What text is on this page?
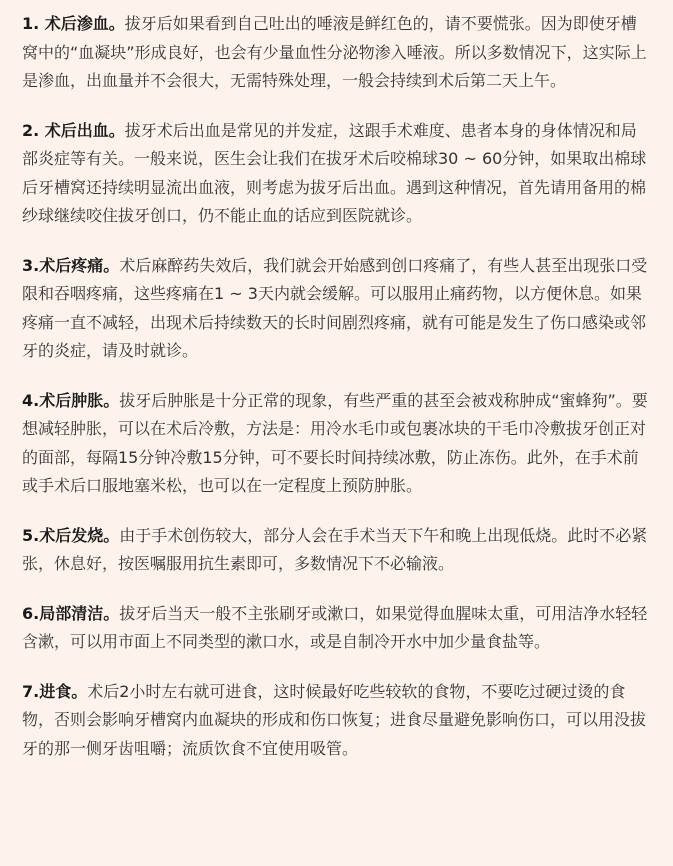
1. 术后渗血。拔牙后如果看到自己吐出的唾液是鲜红色的，请不要慌张。因为即使牙槽窝中的“血凝块”形成良好，也会有少量血性分泌物渗入唾液。所以多数情况下，这实际上是渗血，出血量并不会很大，无需特殊处理，一般会持续到术后第二天上午。

2. 术后出血。拔牙术后出血是常见的并发症，这跟手术难度、患者本身的身体情况和局部炎症等有关。一般来说，医生会让我们在拔牙术后咬棉球30 ~ 60分钟，如果取出棉球后牙槽窝还持续明显流出血液，则考虑为拔牙后出血。遇到这种情况，首先请用备用的棉纱球继续咬住拔牙创口，仍不能止血的话应到医院就诊。

3.术后疼痛。术后麻醉药失效后，我们就会开始感到创口疼痛了，有些人甚至出现张口受限和吞咽疼痛，这些疼痛在1 ~ 3天内就会缓解。可以服用止痛药物，以方便休息。如果疼痛一直不减轻，出现术后持续数天的长时间剧烈疼痛，就有可能是发生了伤口感染或邻牙的炎症，请及时就诊。

4.术后肿胀。拔牙后肿胀是十分正常的现象，有些严重的甚至会被戏称肿成“蜜蜂狗”。要想减轻肿胀，可以在术后冷敷，方法是：用冷水毛巾或包裹冰块的干毛巾冷敷拔牙创正对的面部，每隔15分钟冷敷15分钟，可不要长时间持续冰敷，防止冻伤。此外，在手术前或手术后口服地塞米松，也可以在一定程度上预防肿胀。

5.术后发烧。由于手术创伤较大，部分人会在手术当天下午和晚上出现低烧。此时不必紧张，休息好，按医嘱服用抗生素即可，多数情况下不必输液。

6.局部清洁。拔牙后当天一般不主张刷牙或漱口，如果觉得血腥味太重，可用洁净水轻轻含漱，可以用市面上不同类型的漱口水，或是自制冷开水中加少量食盐等。

7.进食。术后2小时左右就可进食，这时候最好吃些较软的食物，不要吃过硬过烫的食物，否则会影响牙槽窝内血凝块的形成和伤口恢复；进食尽量避免影响伤口，可以用没拔牙的那一侧牙齿咀嚼；流质饮食不宜使用吸管。
